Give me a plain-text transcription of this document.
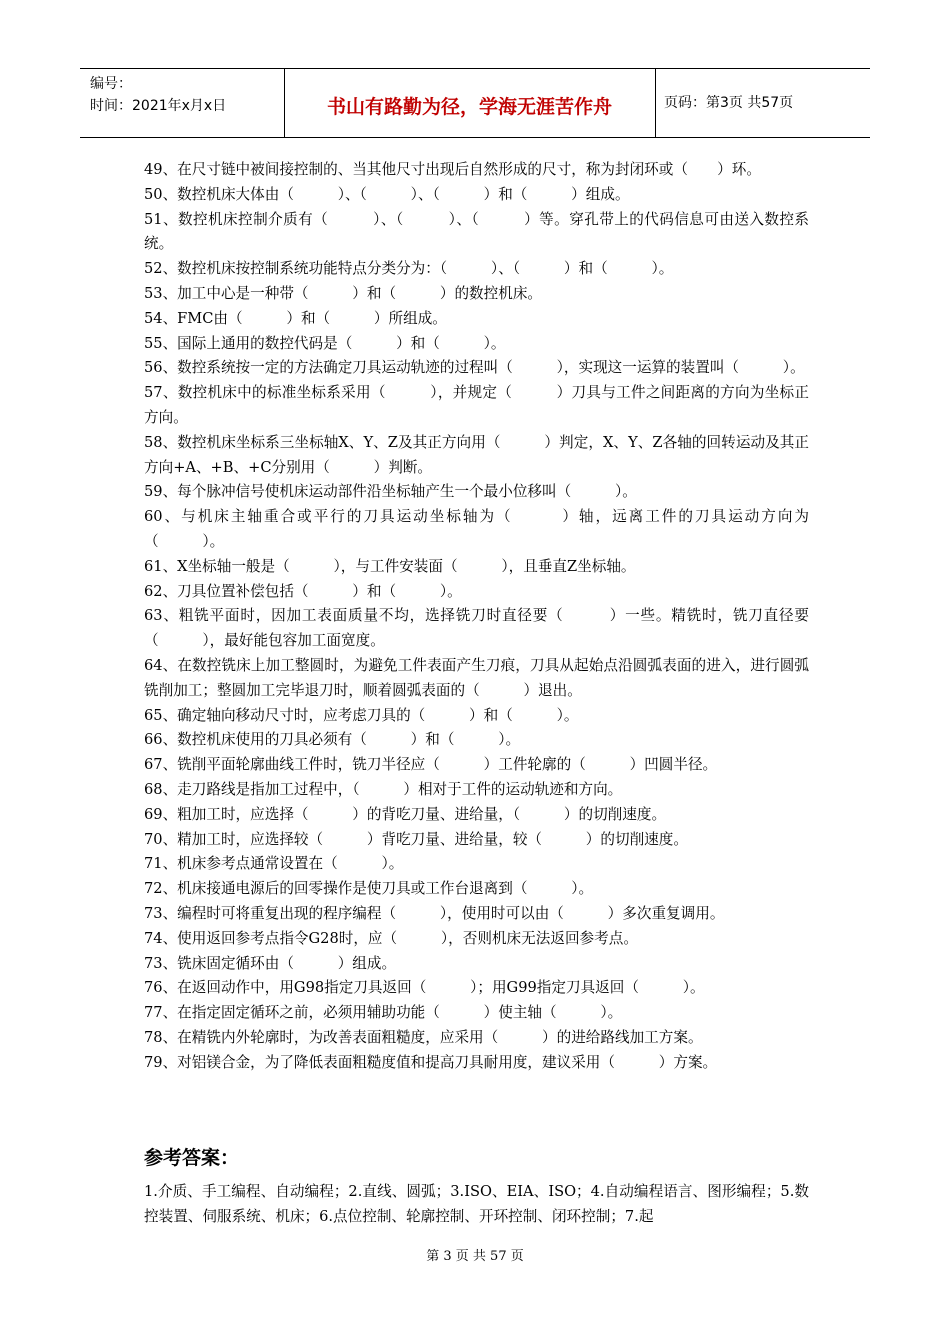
编号：
时间：2021年x月x日	书山有路勤为径，学海无涯苦作舟	页码：第3页 共57页

49、在尺寸链中被间接控制的、当其他尺寸出现后自然形成的尺寸，称为封闭环或（　　）环。

50、数控机床大体由（　　　）、（　　　）、（　　　）和（　　　）组成。

51、数控机床控制介质有（　　　）、（　　　）、（　　　）等。穿孔带上的代码信息可由送入数控系统。

52、数控机床按控制系统功能特点分类分为：（　　　）、（　　　）和（　　　）。

53、加工中心是一种带（　　　）和（　　　）的数控机床。

54、FMC由（　　　）和（　　　）所组成。

55、国际上通用的数控代码是（　　　）和（　　　）。

56、数控系统按一定的方法确定刀具运动轨迹的过程叫（　　　），实现这一运算的装置叫（　　　）。

57、数控机床中的标准坐标系采用（　　　），并规定（　　　）刀具与工件之间距离的方向为坐标正方向。

58、数控机床坐标系三坐标轴X、Y、Z及其正方向用（　　　）判定，X、Y、Z各轴的回转运动及其正方向+A、+B、+C分别用（　　　）判断。

59、每个脉冲信号使机床运动部件沿坐标轴产生一个最小位移叫（　　　）。

60、与机床主轴重合或平行的刀具运动坐标轴为（　　　）轴，远离工件的刀具运动方向为（　　　）。

61、X坐标轴一般是（　　　），与工件安装面（　　　），且垂直Z坐标轴。

62、刀具位置补偿包括（　　　）和（　　　）。

63、粗铣平面时，因加工表面质量不均，选择铣刀时直径要（　　　）一些。精铣时，铣刀直径要（　　　），最好能包容加工面宽度。

64、在数控铣床上加工整圆时，为避免工件表面产生刀痕，刀具从起始点沿圆弧表面的进入，进行圆弧铣削加工；整圆加工完毕退刀时，顺着圆弧表面的（　　　）退出。

65、确定轴向移动尺寸时，应考虑刀具的（　　　）和（　　　）。

66、数控机床使用的刀具必须有（　　　）和（　　　）。

67、铣削平面轮廓曲线工件时，铣刀半径应（　　　）工件轮廓的（　　　）凹圆半径。

68、走刀路线是指加工过程中，（　　　）相对于工件的运动轨迹和方向。

69、粗加工时，应选择（　　　）的背吃刀量、进给量，（　　　）的切削速度。

70、精加工时，应选择较（　　　）背吃刀量、进给量，较（　　　）的切削速度。

71、机床参考点通常设置在（　　　）。

72、机床接通电源后的回零操作是使刀具或工作台退离到（　　　）。

73、编程时可将重复出现的程序编程（　　　），使用时可以由（　　　）多次重复调用。

74、使用返回参考点指令G28时，应（　　　），否则机床无法返回参考点。

73、铣床固定循环由（　　　）组成。

76、在返回动作中，用G98指定刀具返回（　　　）；用G99指定刀具返回（　　　）。

77、在指定固定循环之前，必须用辅助功能（　　　）使主轴（　　　）。

78、在精铣内外轮廓时，为改善表面粗糙度，应采用（　　　）的进给路线加工方案。

79、对铝镁合金，为了降低表面粗糙度值和提高刀具耐用度，建议采用（　　　）方案。

参考答案：

1.介质、手工编程、自动编程；2.直线、圆弧；3.ISO、EIA、ISO；4.自动编程语言、图形编程；5.数控装置、伺服系统、机床；6.点位控制、轮廓控制、开环控制、闭环控制；7.起

第 3 页 共 57 页
